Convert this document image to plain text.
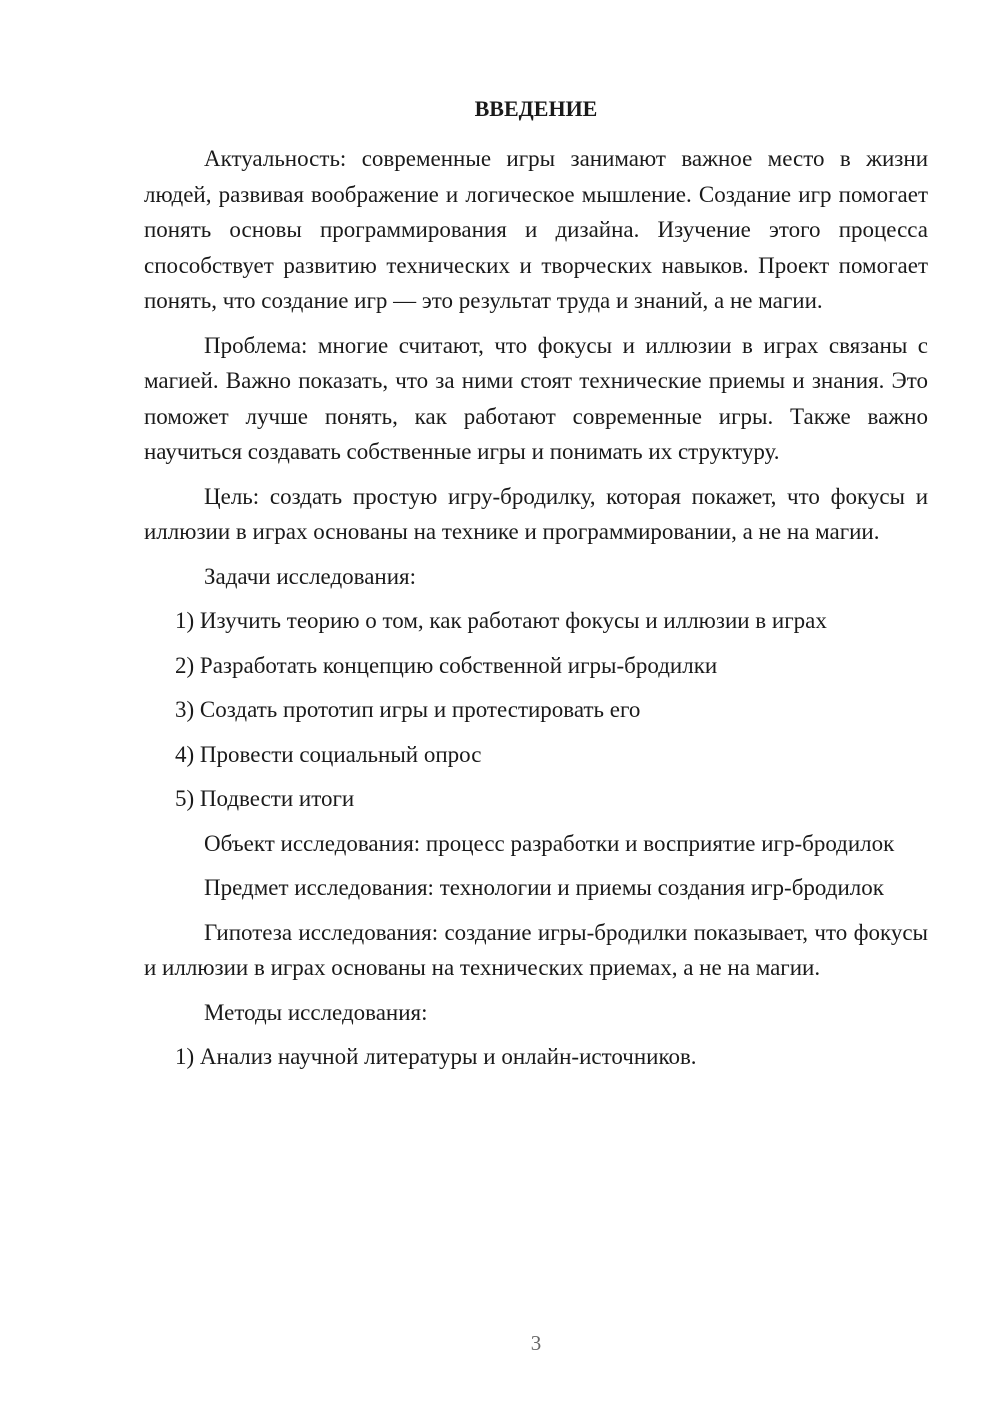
ВВЕДЕНИЕ
Актуальность: современные игры занимают важное место в жизни людей, развивая воображение и логическое мышление. Создание игр помогает понять основы программирования и дизайна. Изучение этого процесса способствует развитию технических и творческих навыков. Проект помогает понять, что создание игр — это результат труда и знаний, а не магии.
Проблема: многие считают, что фокусы и иллюзии в играх связаны с магией. Важно показать, что за ними стоят технические приемы и знания. Это поможет лучше понять, как работают современные игры. Также важно научиться создавать собственные игры и понимать их структуру.
Цель: создать простую игру-бродилку, которая покажет, что фокусы и иллюзии в играх основаны на технике и программировании, а не на магии.
Задачи исследования:
1) Изучить теорию о том, как работают фокусы и иллюзии в играх
2) Разработать концепцию собственной игры-бродилки
3) Создать прототип игры и протестировать его
4) Провести социальный опрос
5) Подвести итоги
Объект исследования: процесс разработки и восприятие игр-бродилок
Предмет исследования: технологии и приемы создания игр-бродилок
Гипотеза исследования: создание игры-бродилки показывает, что фокусы и иллюзии в играх основаны на технических приемах, а не на магии.
Методы исследования:
1) Анализ научной литературы и онлайн-источников.
3
